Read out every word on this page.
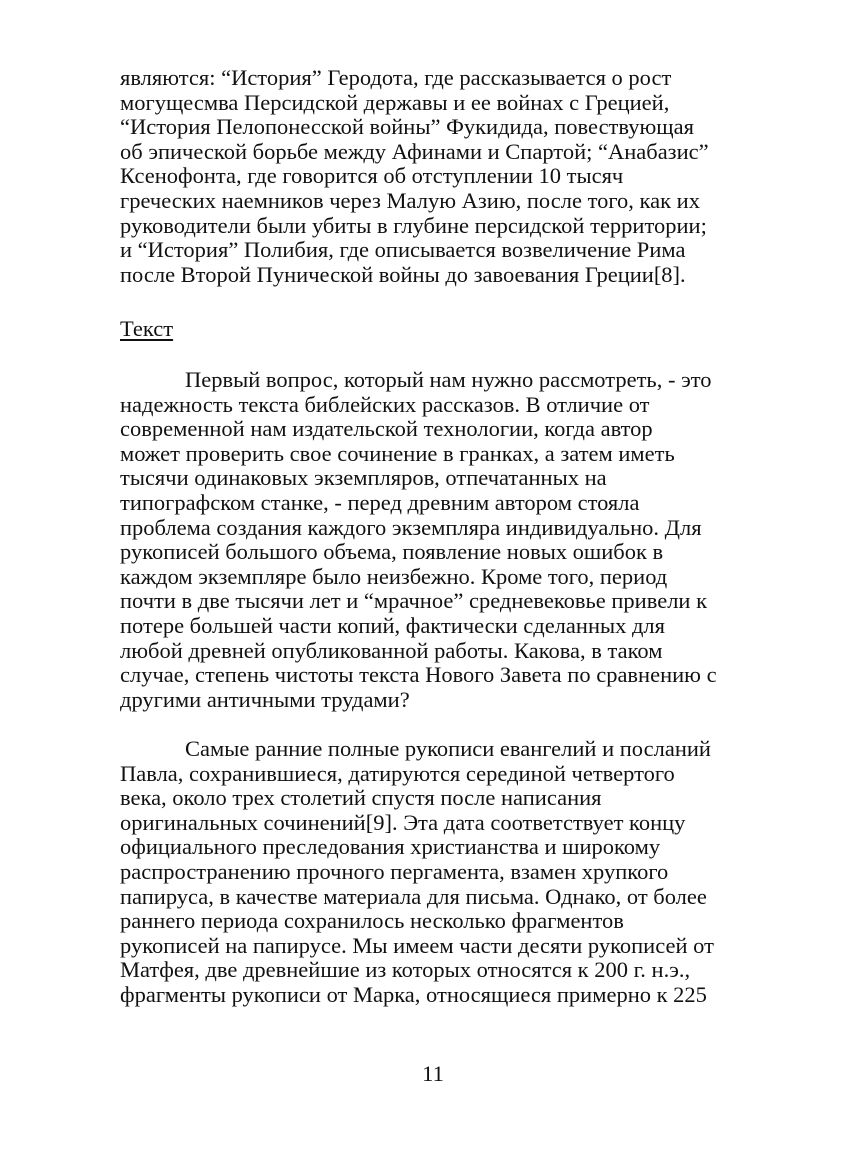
являются: “История” Геродота, где рассказывается о рост
могущесмва Персидской державы и ее войнах с Грецией,
“История Пелопонесской войны” Фукидида, повествующая
об эпической борьбе между Афинами и Спартой; “Анабазис”
Ксенофонта, где говорится об отступлении 10 тысяч
греческих наемников через Малую Азию, после того, как их
руководители были убиты в глубине персидской территории;
и “История” Полибия, где описывается возвеличение Рима
после Второй Пунической войны до завоевания Греции[8].
Текст
Первый вопрос, который нам нужно рассмотреть, - это
надежность текста библейских рассказов. В отличие от
современной нам издательской технологии, когда автор
может проверить свое сочинение в гранках, а затем иметь
тысячи одинаковых экземпляров, отпечатанных на
типографском станке, - перед древним автором стояла
проблема создания каждого экземпляра индивидуально. Для
рукописей большого объема, появление новых ошибок в
каждом экземпляре было неизбежно. Кроме того, период
почти в две тысячи лет и “мрачное” средневековье привели к
потере большей части копий, фактически сделанных для
любой древней опубликованной работы. Какова, в таком
случае, степень чистоты текста Нового Завета по сравнению с
другими античными трудами?
Самые ранние полные рукописи евангелий и посланий
Павла, сохранившиеся, датируются серединой четвертого
века, около трех столетий спустя после написания
оригинальных сочинений[9]. Эта дата соответствует концу
официального преследования христианства и широкому
распространению прочного пергамента, взамен хрупкого
папируса, в качестве материала для письма. Однако, от более
раннего периода сохранилось несколько фрагментов
рукописей на папирусе. Мы имеем части десяти рукописей от
Матфея, две древнейшие из которых относятся к 200 г. н.э.,
фрагменты рукописи от Марка, относящиеся примерно к 225
11
